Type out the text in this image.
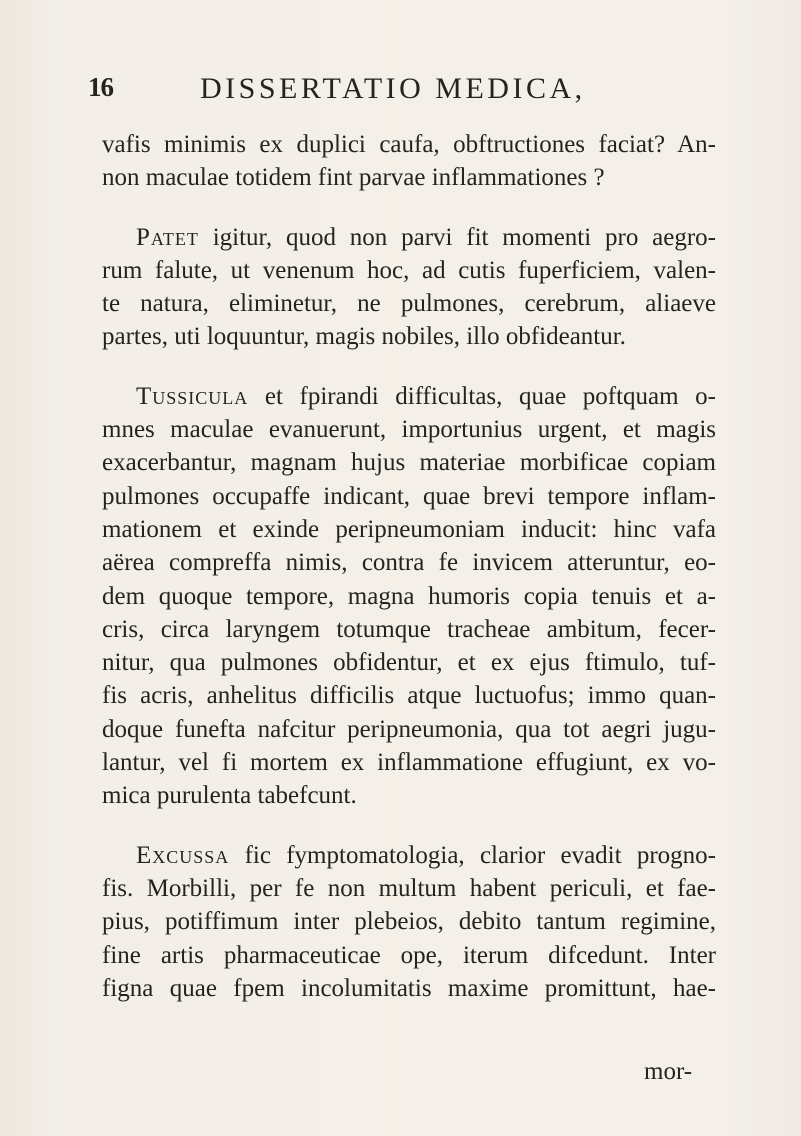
16	DISSERTATIO MEDICA,
vafis minimis ex duplici caufa, obftructiones faciat? An-
non maculae totidem fint parvae inflammationes ?
Patet igitur, quod non parvi fit momenti pro aegro-
rum falute, ut venenum hoc, ad cutis fuperficiem, valen-
te natura, eliminetur, ne pulmones, cerebrum, aliaeve
partes, uti loquuntur, magis nobiles, illo obfideantur.
Tussicula et fpirandi difficultas, quae poftquam o-
mnes maculae evanuerunt, importunius urgent, et magis
exacerbantur, magnam hujus materiae morbificae copiam
pulmones occupaffe indicant, quae brevi tempore inflam-
mationem et exinde peripneumoniam inducit: hinc vafa
aërea compreffa nimis, contra fe invicem atteruntur, eo-
dem quoque tempore, magna humoris copia tenuis et a-
cris, circa laryngem totumque tracheae ambitum, fecer-
nitur, qua pulmones obfidentur, et ex ejus ftimulo, tuf-
fis acris, anhelitus difficilis atque luctuofus; immo quan-
doque funefta nafcitur peripneumonia, qua tot aegri jugu-
lantur, vel fi mortem ex inflammatione effugiunt, ex vo-
mica purulenta tabefcunt.
Excussa fic fymptomatologia, clarior evadit progno-
fis. Morbilli, per fe non multum habent periculi, et fae-
pius, potiffimum inter plebeios, debito tantum regimine,
fine artis pharmaceuticae ope, iterum difcedunt. Inter
figna quae fpem incolumitatis maxime promittunt, hae-
mor-
